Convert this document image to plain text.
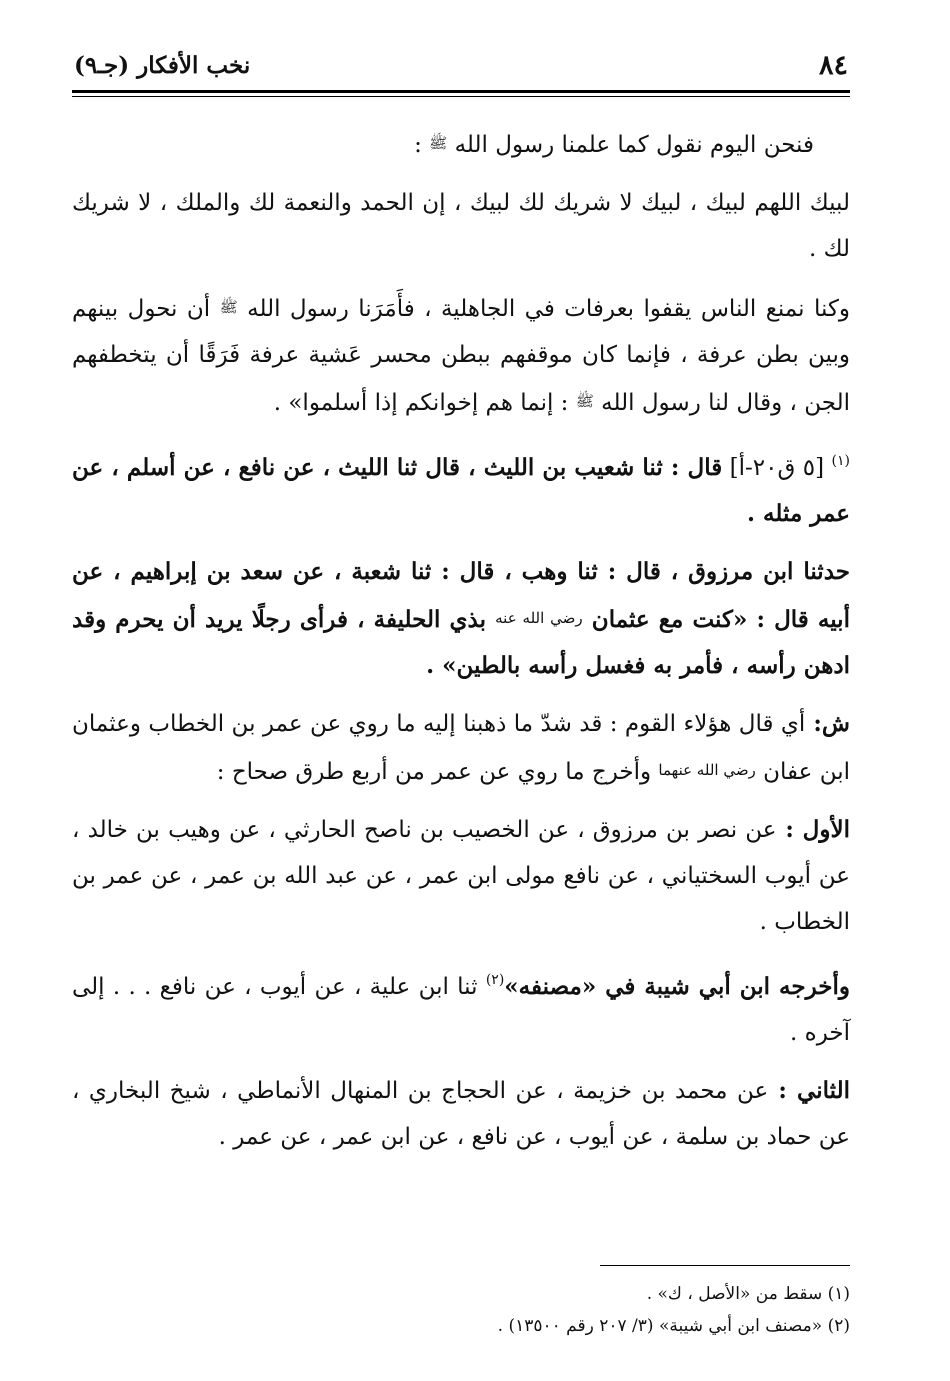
٨٤
نخب الأفكار (جـ٩)

فنحن اليوم نقول كما علمنا رسول الله ﷺ :

لبيك اللهم لبيك ، لبيك لا شريك لك لبيك ، إن الحمد والنعمة لك والملك ، لا شريك لك .

وكنا نمنع الناس يقفوا بعرفات في الجاهلية ، فأَمَرَنا رسول الله ﷺ أن نحول بينهم وبين بطن عرفة ، فإنما كان موقفهم ببطن محسر عَشية عرفة فَرَقًا أن يتخطفهم الجن ، وقال لنا رسول الله ﷺ : إنما هم إخوانكم إذا أسلموا» .

$^{(١)}$ [٥ ق٢٠-أ] قال : ثنا شعيب بن الليث ، قال ثنا الليث ، عن نافع ، عن أسلم ، عن عمر مثله .

حدثنا ابن مرزوق ، قال : ثنا وهب ، قال : ثنا شعبة ، عن سعد بن إبراهيم ، عن أبيه قال : «كنت مع عثمان رضي الله عنه بذي الحليفة ، فرأى رجلًا يريد أن يحرم وقد ادهن رأسه ، فأمر به فغسل رأسه بالطين» .

ش: أي قال هؤلاء القوم : قد شدّ ما ذهبنا إليه ما روي عن عمر بن الخطاب وعثمان ابن عفان رضي الله عنهما وأخرج ما روي عن عمر من أربع طرق صحاح :

الأول : عن نصر بن مرزوق ، عن الخصيب بن ناصح الحارثي ، عن وهيب بن خالد ، عن أيوب السختياني ، عن نافع مولى ابن عمر ، عن عبد الله بن عمر ، عن عمر بن الخطاب .

وأخرجه ابن أبي شيبة في «مصنفه»$^{(٢)}$ ثنا ابن علية ، عن أيوب ، عن نافع . . . إلى آخره .

الثاني : عن محمد بن خزيمة ، عن الحجاج بن المنهال الأنماطي ، شيخ البخاري ، عن حماد بن سلمة ، عن أيوب ، عن نافع ، عن ابن عمر ، عن عمر .

(١) سقط من «الأصل ، ك» .
(٢) «مصنف ابن أبي شيبة» (٣/ ٢٠٧ رقم ١٣٥٠٠) .
